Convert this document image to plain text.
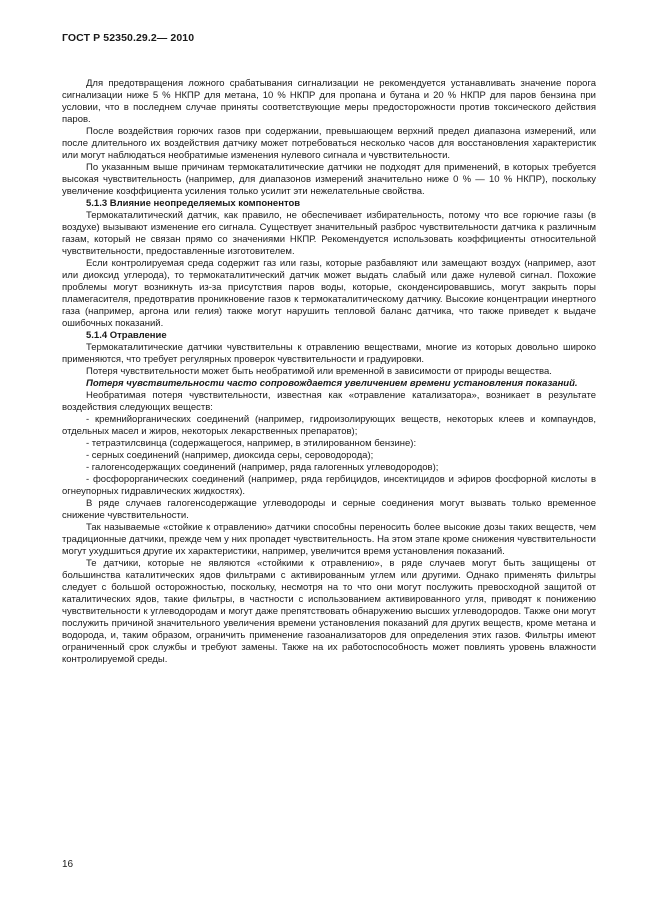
ГОСТ Р 52350.29.2— 2010

Для предотвращения ложного срабатывания сигнализации не рекомендуется устанавливать значение порога сигнализации ниже 5 % НКПР для метана, 10 % НКПР для пропана и бутана и 20 % НКПР для паров бензина при условии, что в последнем случае приняты соответствующие меры предосторожности против токсического действия паров.

После воздействия горючих газов при содержании, превышающем верхний предел диапазона измерений, или после длительного их воздействия датчику может потребоваться несколько часов для восстановления характеристик или могут наблюдаться необратимые изменения нулевого сигнала и чувствительности.

По указанным выше причинам термокаталитические датчики не подходят для применений, в которых требуется высокая чувствительность (например, для диапазонов измерений значительно ниже 0 % — 10 % НКПР), поскольку увеличение коэффициента усиления только усилит эти нежелательные свойства.

5.1.3 Влияние неопределяемых компонентов

Термокаталитический датчик, как правило, не обеспечивает избирательность, потому что все горючие газы (в воздухе) вызывают изменение его сигнала. Существует значительный разброс чувствительности датчика к различным газам, который не связан прямо со значениями НКПР. Рекомендуется использовать коэффициенты относительной чувствительности, предоставленные изготовителем.

Если контролируемая среда содержит газ или газы, которые разбавляют или замещают воздух (например, азот или диоксид углерода), то термокаталитический датчик может выдать слабый или даже нулевой сигнал. Похожие проблемы могут возникнуть из-за присутствия паров воды, которые, сконденсировавшись, могут закрыть поры пламегасителя, предотвратив проникновение газов к термокаталитическому датчику. Высокие концентрации инертного газа (например, аргона или гелия) также могут нарушить тепловой баланс датчика, что также приведет к выдаче ошибочных показаний.

5.1.4 Отравление

Термокаталитические датчики чувствительны к отравлению веществами, многие из которых довольно широко применяются, что требует регулярных проверок чувствительности и градуировки.

Потеря чувствительности может быть необратимой или временной в зависимости от природы вещества.

Потеря чувствительности часто сопровождается увеличением времени установления показаний.

Необратимая потеря чувствительности, известная как «отравление катализатора», возникает в результате воздействия следующих веществ:

- кремнийорганических соединений (например, гидроизолирующих веществ, некоторых клеев и компаундов, отдельных масел и жиров, некоторых лекарственных препаратов);

- тетраэтилсвинца (содержащегося, например, в этилированном бензине):

- серных соединений (например, диоксида серы, сероводорода);

- галогенсодержащих соединений (например, ряда галогенных углеводородов);

- фосфорорганических соединений (например, ряда гербицидов, инсектицидов и эфиров фосфорной кислоты в огнеупорных гидравлических жидкостях).

В ряде случаев галогенсодержащие углеводороды и серные соединения могут вызвать только временное снижение чувствительности.

Так называемые «стойкие к отравлению» датчики способны переносить более высокие дозы таких веществ, чем традиционные датчики, прежде чем у них пропадет чувствительность. На этом этапе кроме снижения чувствительности могут ухудшиться другие их характеристики, например, увеличится время установления показаний.

Те датчики, которые не являются «стойкими к отравлению», в ряде случаев могут быть защищены от большинства каталитических ядов фильтрами с активированным углем или другими. Однако применять фильтры следует с большой осторожностью, поскольку, несмотря на то что они могут послужить превосходной защитой от каталитических ядов, такие фильтры, в частности с использованием активированного угля, приводят к понижению чувствительности к углеводородам и могут даже препятствовать обнаружению высших углеводородов. Также они могут послужить причиной значительного увеличения времени установления показаний для других веществ, кроме метана и водорода, и, таким образом, ограничить применение газоанализаторов для определения этих газов. Фильтры имеют ограниченный срок службы и требуют замены. Также на их работоспособность может повлиять уровень влажности контролируемой среды.

16
